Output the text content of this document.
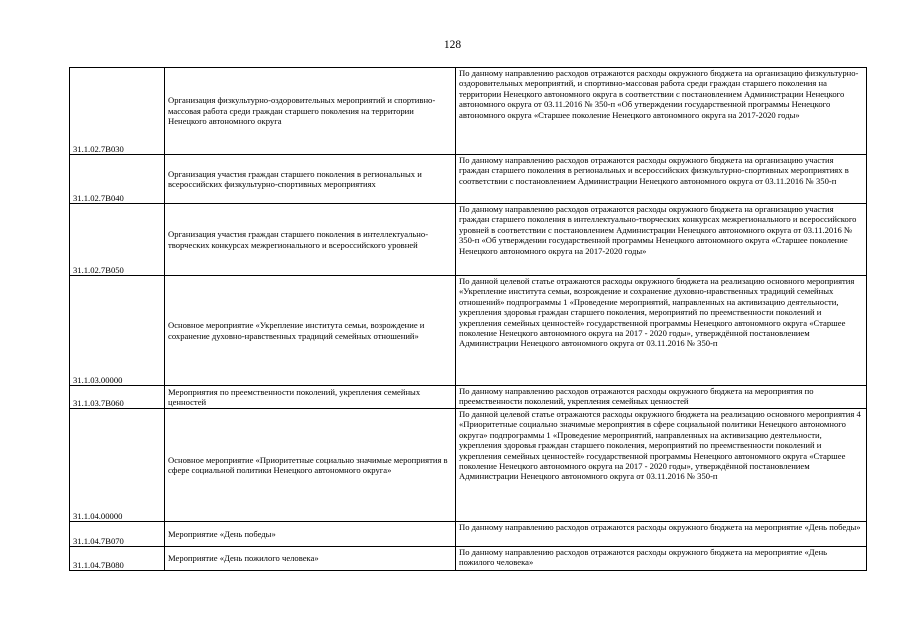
128
31.1.02.7В030	Организация физкультурно-оздоровительных мероприятий и спортивно-массовая работа среди граждан старшего поколения на территории Ненецкого автономного округа	По данному направлению расходов отражаются расходы окружного бюджета на организацию физкультурно-оздоровительных мероприятий, и спортивно-массовая работа среди граждан старшего поколения на территории Ненецкого автономного округа в соответствии с постановлением Администрации Ненецкого автономного округа от 03.11.2016 № 350-п «Об утверждении государственной программы Ненецкого автономного округа «Старшее поколение Ненецкого автономного округа на 2017-2020 годы»
31.1.02.7В040	Организация участия граждан старшего поколения в региональных и всероссийских физкультурно-спортивных мероприятиях	По данному направлению расходов отражаются расходы окружного бюджета на организацию участия граждан старшего поколения в региональных и всероссийских физкультурно-спортивных мероприятиях в соответствии с постановлением Администрации Ненецкого автономного округа от 03.11.2016 № 350-п
31.1.02.7В050	Организация участия граждан старшего поколения в интеллектуально-творческих конкурсах межрегионального и всероссийского уровней	По данному направлению расходов отражаются расходы окружного бюджета на организацию участия граждан старшего поколения в интеллектуально-творческих конкурсах межрегионального и всероссийского уровней в соответствии с постановлением Администрации Ненецкого автономного округа от 03.11.2016 № 350-п «Об утверждении государственной программы Ненецкого автономного округа «Старшее поколение Ненецкого автономного округа на 2017-2020 годы»
31.1.03.00000	Основное мероприятие «Укрепление института семьи, возрождение и сохранение духовно-нравственных традиций семейных отношений»	По данной целевой статье отражаются расходы окружного бюджета на реализацию основного мероприятия «Укрепление института семьи, возрождение и сохранение духовно-нравственных традиций семейных отношений» подпрограммы 1 «Проведение мероприятий, направленных на активизацию деятельности, укрепления здоровья граждан старшего поколения, мероприятий по преемственности поколений и укрепления семейных ценностей» государственной программы Ненецкого автономного округа «Старшее поколение Ненецкого автономного округа на 2017 - 2020 годы», утверждённой постановлением Администрации Ненецкого автономного округа от 03.11.2016 № 350-п
31.1.03.7В060	Мероприятия по преемственности поколений, укрепления семейных ценностей	По данному направлению расходов отражаются расходы окружного бюджета на мероприятия по преемственности поколений, укрепления семейных ценностей
31.1.04.00000	Основное мероприятие «Приоритетные социально значимые мероприятия в сфере социальной политики Ненецкого автономного округа»	По данной целевой статье отражаются расходы окружного бюджета на реализацию основного мероприятия 4 «Приоритетные социально значимые мероприятия в сфере социальной политики Ненецкого автономного округа» подпрограммы 1 «Проведение мероприятий, направленных на активизацию деятельности, укрепления здоровья граждан старшего поколения, мероприятий по преемственности поколений и укрепления семейных ценностей» государственной программы Ненецкого автономного округа «Старшее поколение Ненецкого автономного округа на 2017 - 2020 годы», утверждённой постановлением Администрации Ненецкого автономного округа от 03.11.2016 № 350-п
31.1.04.7В070	Мероприятие «День победы»	По данному направлению расходов отражаются расходы окружного бюджета на мероприятие «День победы»
31.1.04.7В080	Мероприятие «День пожилого человека»	По данному направлению расходов отражаются расходы окружного бюджета на мероприятие «День пожилого человека»
